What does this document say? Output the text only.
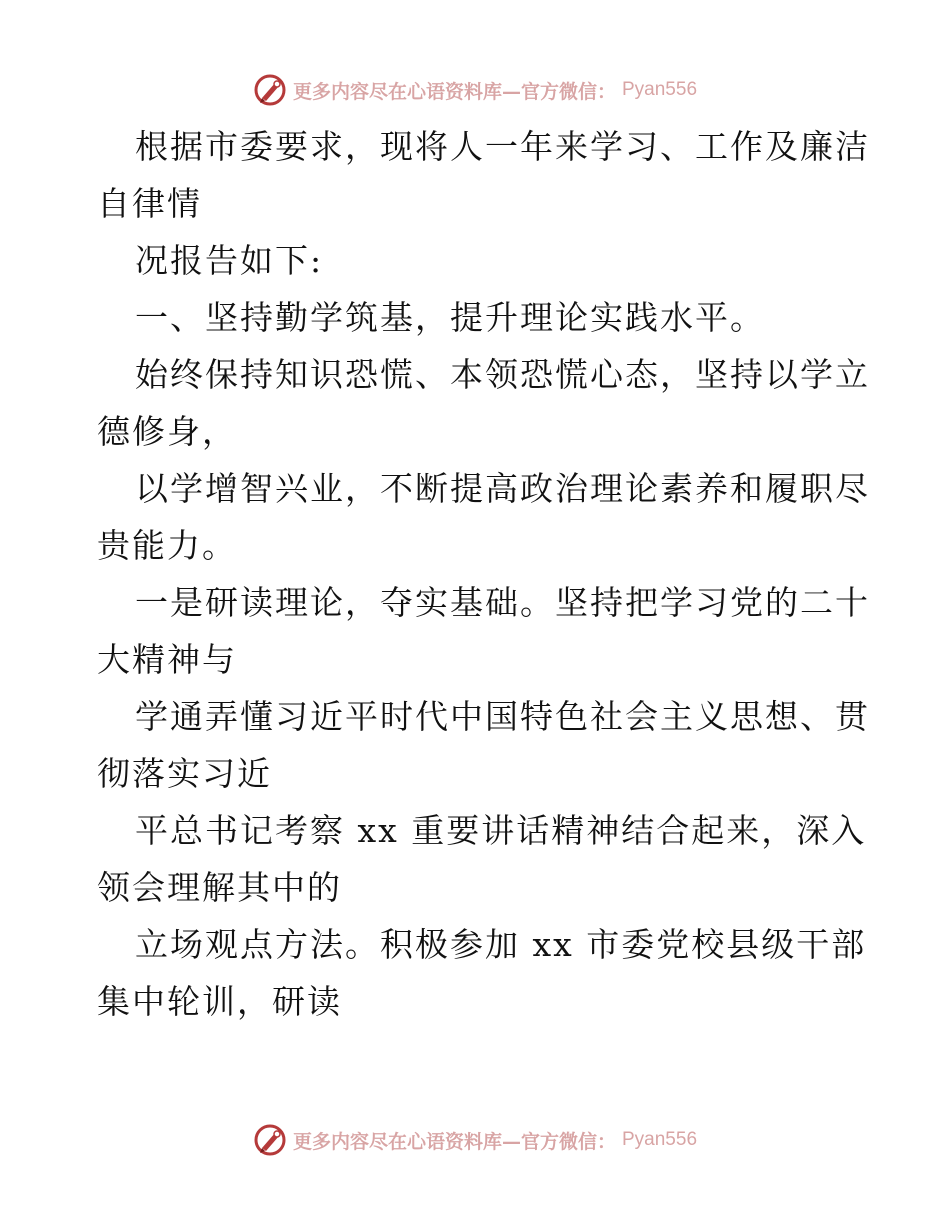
更多内容尽在心语资料库—官方微信： Pyan556
根据市委要求，现将人一年来学习、工作及廉洁
自律情
况报告如下:
一、坚持勤学筑基，提升理论实践水平。
始终保持知识恐慌、本领恐慌心态，坚持以学立
德修身，
以学增智兴业，不断提高政治理论素养和履职尽
贵能力。
一是研读理论，夺实基础。坚持把学习党的二十
大精神与
学通弄懂习近平时代中国特色社会主义思想、贯
彻落实习近
平总书记考察 xx 重要讲话精神结合起来，深入
领会理解其中的
立场观点方法。积极参加 xx 市委党校县级干部
集中轮训，研读
更多内容尽在心语资料库—官方微信： Pyan556
